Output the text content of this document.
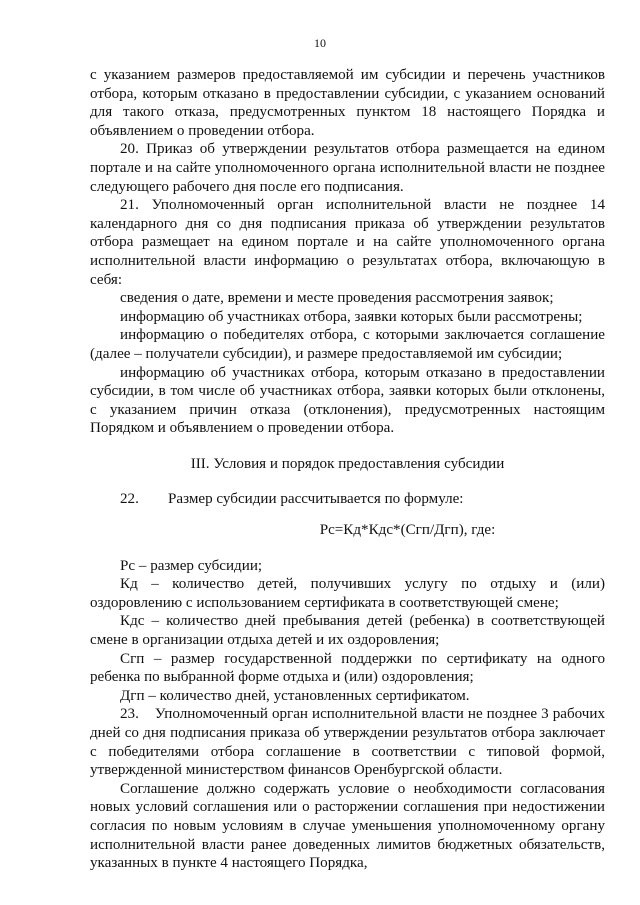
10

с указанием размеров предоставляемой им субсидии и перечень участников отбора, которым отказано в предоставлении субсидии, с указанием оснований для такого отказа, предусмотренных пунктом 18 настоящего Порядка и объявлением о проведении отбора.

20. Приказ об утверждении результатов отбора размещается на едином портале и на сайте уполномоченного органа исполнительной власти не позднее следующего рабочего дня после его подписания.

21. Уполномоченный орган исполнительной власти не позднее 14 календарного дня со дня подписания приказа об утверждении результатов отбора размещает на едином портале и на сайте уполномоченного органа исполнительной власти информацию о результатах отбора, включающую в себя:

сведения о дате, времени и месте проведения рассмотрения заявок;

информацию об участниках отбора, заявки которых были рассмотрены;

информацию о победителях отбора, с которыми заключается соглашение (далее – получатели субсидии), и размере предоставляемой им субсидии;

информацию об участниках отбора, которым отказано в предоставлении субсидии, в том числе об участниках отбора, заявки которых были отклонены, с указанием причин отказа (отклонения), предусмотренных настоящим Порядком и объявлением о проведении отбора.

III. Условия и порядок предоставления субсидии

22. Размер субсидии рассчитывается по формуле:

Рс=Кд*Кдс*(Сгп/Дгп), где:

Рс – размер субсидии;

Кд – количество детей, получивших услугу по отдыху и (или) оздоровлению с использованием сертификата в соответствующей смене;

Кдс – количество дней пребывания детей (ребенка) в соответствующей смене в организации отдыха детей и их оздоровления;

Сгп – размер государственной поддержки по сертификату на одного ребенка по выбранной форме отдыха и (или) оздоровления;

Дгп – количество дней, установленных сертификатом.

23.    Уполномоченный орган исполнительной власти не позднее 3 рабочих дней со дня подписания приказа об утверждении результатов отбора заключает с победителями отбора соглашение в соответствии с типовой формой, утвержденной министерством финансов Оренбургской области.

Соглашение должно содержать условие о необходимости согласования новых условий соглашения или о расторжении соглашения при недостижении согласия по новым условиям в случае уменьшения уполномоченному органу исполнительной власти ранее доведенных лимитов бюджетных обязательств, указанных в пункте 4 настоящего Порядка,
